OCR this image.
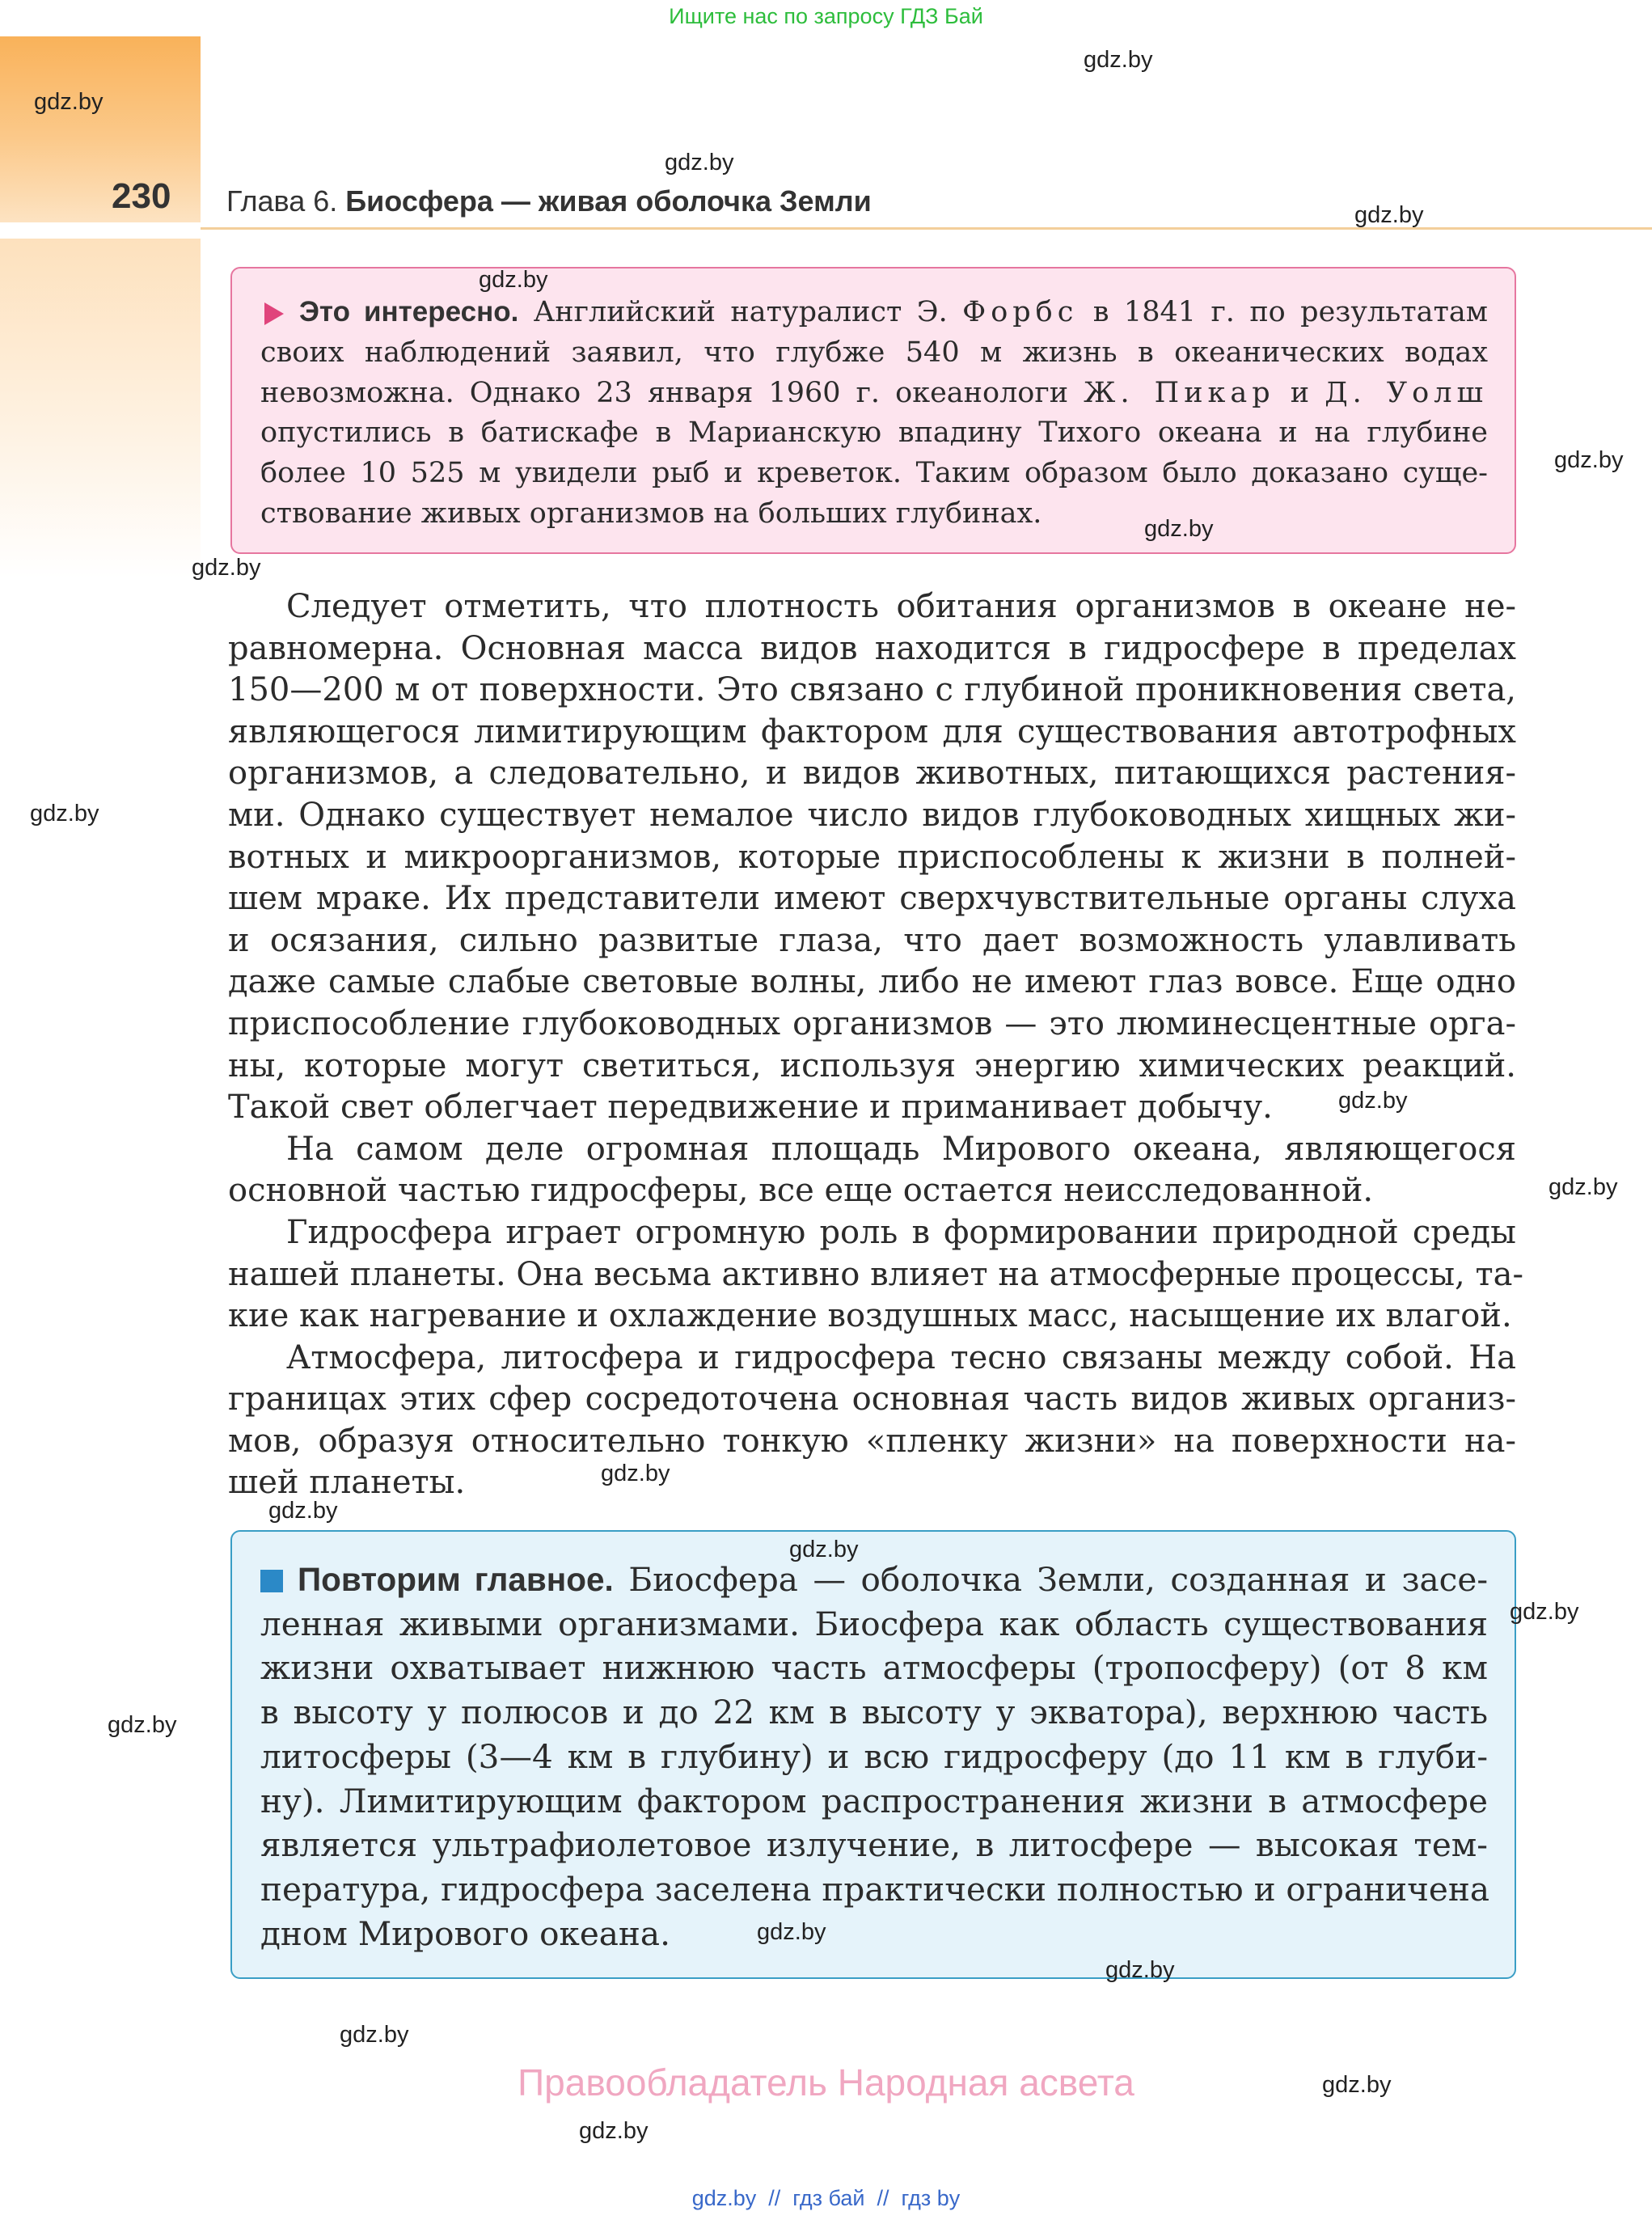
Ищите нас по запросу ГДЗ Бай
230 Глава 6. Биосфера — живая оболочка Земли
Это интересно. Английский натуралист Э. Форбс в 1841 г. по результатам
своих наблюдений заявил, что глубже 540 м жизнь в океанических водах
невозможна. Однако 23 января 1960 г. океанологи Ж. Пикар и Д. Уолш
опустились в батискафе в Марианскую впадину Тихого океана и на глубине
более 10 525 м увидели рыб и креветок. Таким образом было доказано суще-
ствование живых организмов на больших глубинах.
Следует отметить, что плотность обитания организмов в океане не-
равномерна. Основная масса видов находится в гидросфере в пределах
150—200 м от поверхности. Это связано с глубиной проникновения света,
являющегося лимитирующим фактором для существования автотрофных
организмов, а следовательно, и видов животных, питающихся растения-
ми. Однако существует немалое число видов глубоководных хищных жи-
вотных и микроорганизмов, которые приспособлены к жизни в полней-
шем мраке. Их представители имеют сверхчувствительные органы слуха
и осязания, сильно развитые глаза, что дает возможность улавливать
даже самые слабые световые волны, либо не имеют глаз вовсе. Еще одно
приспособление глубоководных организмов — это люминесцентные орга-
ны, которые могут светиться, используя энергию химических реакций.
Такой свет облегчает передвижение и приманивает добычу.
На самом деле огромная площадь Мирового океана, являющегося
основной частью гидросферы, все еще остается неисследованной.
Гидросфера играет огромную роль в формировании природной среды
нашей планеты. Она весьма активно влияет на атмосферные процессы, та-
кие как нагревание и охлаждение воздушных масс, насыщение их влагой.
Атмосфера, литосфера и гидросфера тесно связаны между собой. На
границах этих сфер сосредоточена основная часть видов живых организ-
мов, образуя относительно тонкую «пленку жизни» на поверхности на-
шей планеты.
Повторим главное. Биосфера — оболочка Земли, созданная и засе-
ленная живыми организмами. Биосфера как область существования
жизни охватывает нижнюю часть атмосферы (тропосферу) (от 8 км
в высоту у полюсов и до 22 км в высоту у экватора), верхнюю часть
литосферы (3—4 км в глубину) и всю гидросферу (до 11 км в глуби-
ну). Лимитирующим фактором распространения жизни в атмосфере
является ультрафиолетовое излучение, в литосфере — высокая тем-
пература, гидросфера заселена практически полностью и ограничена
дном Мирового океана.
gdz.by
gdz.by
gdz.by
gdz.by
gdz.by
gdz.by
gdz.by
gdz.by
gdz.by
gdz.by
gdz.by
gdz.by
gdz.by
gdz.by
gdz.by
gdz.by
gdz.by
gdz.by
gdz.by
gdz.by
gdz.by
Правообладатель Народная асвета
gdz.by  //  гдз бай  //  гдз by
